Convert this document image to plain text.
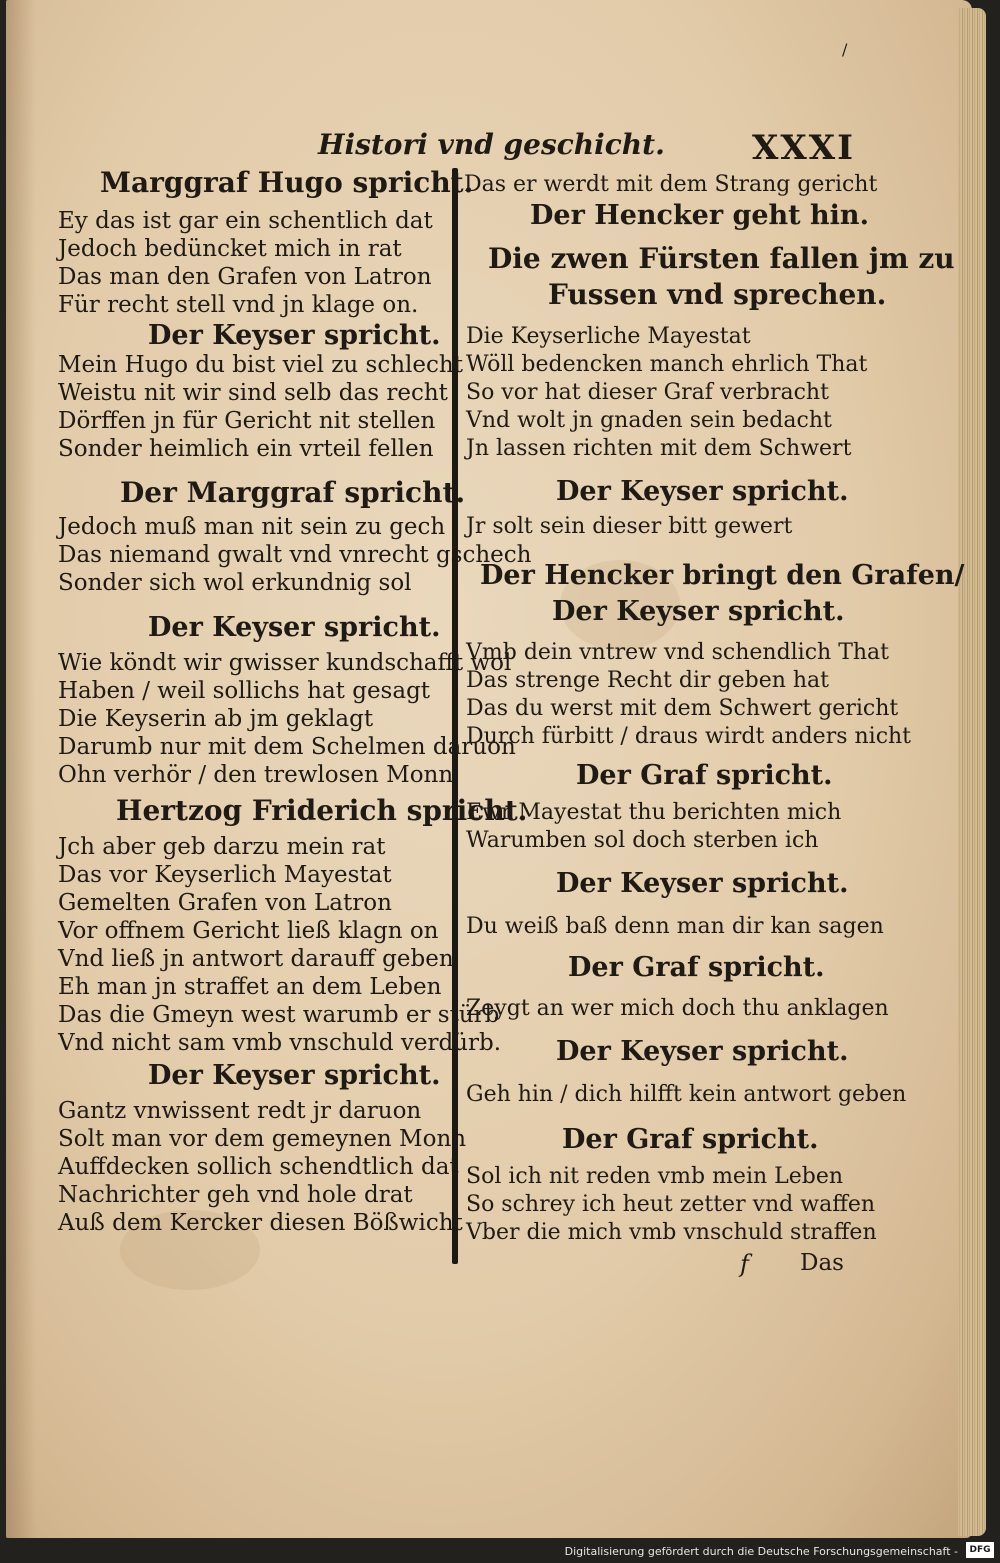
Histori vnd geschicht.	XXXI
/
Marggraf Hugo spricht.
Ey das ist gar ein schentlich dat
Jedoch bedüncket mich in rat
Das man den Grafen von Latron
Für recht stell vnd jn klage on.
Der Keyser spricht.
Mein Hugo du bist viel zu schlecht
Weistu nit wir sind selb das recht
Dörffen jn für Gericht nit stellen
Sonder heimlich ein vrteil fellen
Der Marggraf spricht.
Jedoch muß man nit sein zu gech
Das niemand gwalt vnd vnrecht gschech
Sonder sich wol erkundnig sol
Der Keyser spricht.
Wie köndt wir gwisser kundschafft wol
Haben / weil sollichs hat gesagt
Die Keyserin ab jm geklagt
Darumb nur mit dem Schelmen daruon
Ohn verhör / den trewlosen Monn
Hertzog Friderich spricht.
Jch aber geb darzu mein rat
Das vor Keyserlich Mayestat
Gemelten Grafen von Latron
Vor offnem Gericht ließ klagn on
Vnd ließ jn antwort darauff geben
Eh man jn straffet an dem Leben
Das die Gmeyn west warumb er stürb
Vnd nicht sam vmb vnschuld verdürb.
Der Keyser spricht.
Gantz vnwissent redt jr daruon
Solt man vor dem gemeynen Monn
Auffdecken sollich schendtlich dat
Nachrichter geh vnd hole drat
Auß dem Kercker diesen Bößwicht
Das er werdt mit dem Strang gericht
Der Hencker geht hin.
Die zwen Fürsten fallen jm zu
Fussen vnd sprechen.
Die Keyserliche Mayestat
Wöll bedencken manch ehrlich That
So vor hat dieser Graf verbracht
Vnd wolt jn gnaden sein bedacht
Jn lassen richten mit dem Schwert
Der Keyser spricht.
Jr solt sein dieser bitt gewert
Der Hencker bringt den Grafen/
Der Keyser spricht.
Vmb dein vntrew vnd schendlich That
Das strenge Recht dir geben hat
Das du werst mit dem Schwert gericht
Durch fürbitt / draus wirdt anders nicht
Der Graf spricht.
Ewr Mayestat thu berichten mich
Warumben sol doch sterben ich
Der Keyser spricht.
Du weiß baß denn man dir kan sagen
Der Graf spricht.
Zeygt an wer mich doch thu anklagen
Der Keyser spricht.
Geh hin / dich hilfft kein antwort geben
Der Graf spricht.
Sol ich nit reden vmb mein Leben
So schrey ich heut zetter vnd waffen
Vber die mich vmb vnschuld straffen
f Das
Digitalisierung gefördert durch die Deutsche Forschungsgemeinschaft -	DFG
